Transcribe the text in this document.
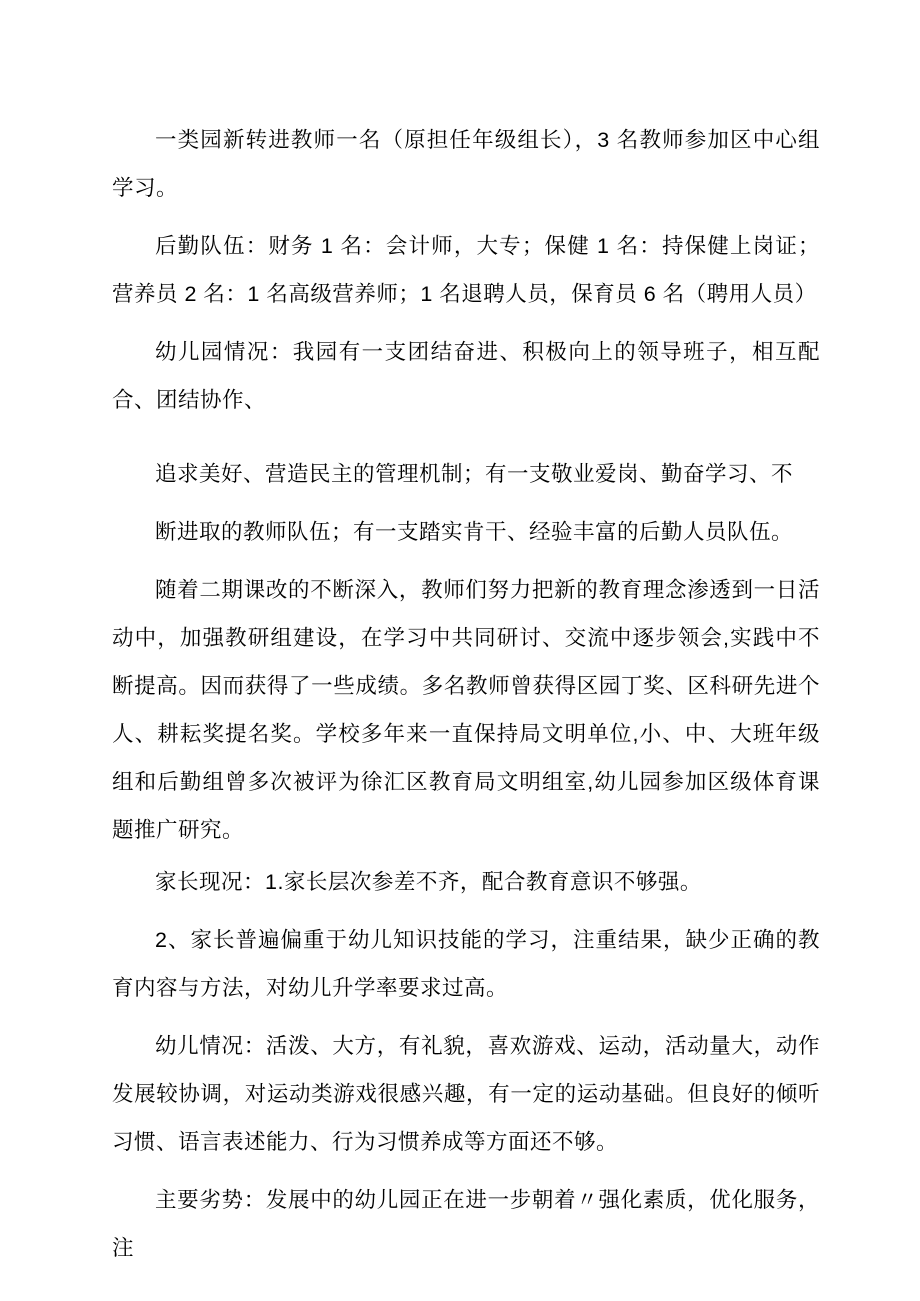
一类园新转进教师一名（原担任年级组长），3 名教师参加区中心组学习。

后勤队伍：财务 1 名：会计师，大专；保健 1 名：持保健上岗证；营养员 2 名：1 名高级营养师；1 名退聘人员，保育员 6 名（聘用人员）

幼儿园情况：我园有一支团结奋进、积极向上的领导班子，相互配合、团结协作、

追求美好、营造民主的管理机制；有一支敬业爱岗、勤奋学习、不

断进取的教师队伍；有一支踏实肯干、经验丰富的后勤人员队伍。

随着二期课改的不断深入，教师们努力把新的教育理念渗透到一日活动中，加强教研组建设，在学习中共同研讨、交流中逐步领会,实践中不断提高。因而获得了一些成绩。多名教师曾获得区园丁奖、区科研先进个人、耕耘奖提名奖。学校多年来一直保持局文明单位,小、中、大班年级组和后勤组曾多次被评为徐汇区教育局文明组室,幼儿园参加区级体育课题推广研究。

家长现况：1.家长层次参差不齐，配合教育意识不够强。

2、家长普遍偏重于幼儿知识技能的学习，注重结果，缺少正确的教育内容与方法，对幼儿升学率要求过高。

幼儿情况：活泼、大方，有礼貌，喜欢游戏、运动，活动量大，动作发展较协调，对运动类游戏很感兴趣，有一定的运动基础。但良好的倾听习惯、语言表述能力、行为习惯养成等方面还不够。

主要劣势：发展中的幼儿园正在进一步朝着〃强化素质，优化服务，注
